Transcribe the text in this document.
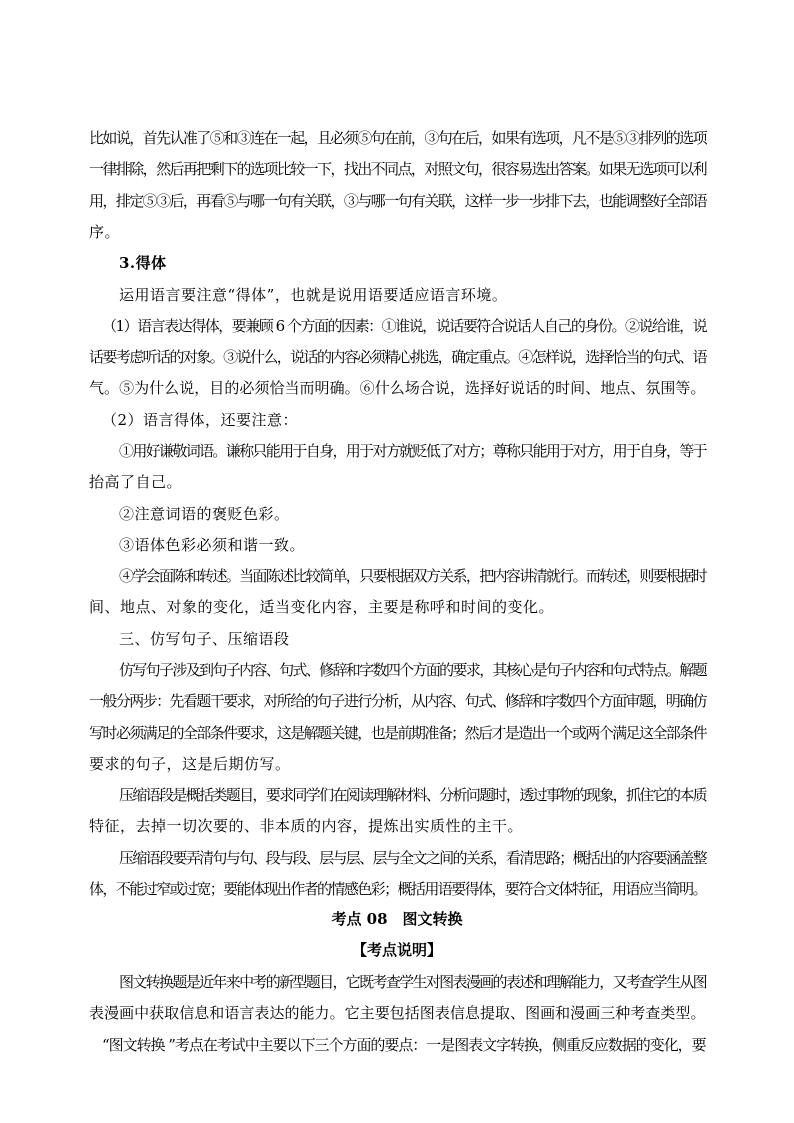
比如说，首先认准了⑤和③连在一起，且必须⑤句在前，③句在后，如果有选项，凡不是⑤③排列的选项
一律排除，然后再把剩下的选项比较一下，找出不同点，对照文句，很容易选出答案。如果无选项可以利
用，排定⑤③后，再看⑤与哪一句有关联，③与哪一句有关联，这样一步一步排下去，也能调整好全部语
序。
3.得体
运用语言要注意“得体”，也就是说用语要适应语言环境。
（1）语言表达得体，要兼顾 6 个方面的因素：①谁说，说话要符合说话人自己的身份。②说给谁，说
话要考虑听话的对象。③说什么，说话的内容必须精心挑选，确定重点。④怎样说，选择恰当的句式、语
气。⑤为什么说，目的必须恰当而明确。⑥什么场合说，选择好说话的时间、地点、氛围等。
（2）语言得体，还要注意：
①用好谦敬词语。谦称只能用于自身，用于对方就贬低了对方；尊称只能用于对方，用于自身，等于
抬高了自己。
②注意词语的褒贬色彩。
③语体色彩必须和谐一致。
④学会面陈和转述。当面陈述比较简单，只要根据双方关系，把内容讲清就行。而转述，则要根据时
间、地点、对象的变化，适当变化内容，主要是称呼和时间的变化。
三、仿写句子、压缩语段
仿写句子涉及到句子内容、句式、修辞和字数四个方面的要求，其核心是句子内容和句式特点。解题
一般分两步：先看题干要求，对所给的句子进行分析，从内容、句式、修辞和字数四个方面审题，明确仿
写时必须满足的全部条件要求，这是解题关键，也是前期准备；然后才是造出一个或两个满足这全部条件
要求的句子，这是后期仿写。
压缩语段是概括类题目，要求同学们在阅读理解材料、分析问题时，透过事物的现象，抓住它的本质
特征，去掉一切次要的、非本质的内容，提炼出实质性的主干。
压缩语段要弄清句与句、段与段、层与层、层与全文之间的关系，看清思路；概括出的内容要涵盖整
体，不能过窄或过宽；要能体现出作者的情感色彩；概括用语要得体，要符合文体特征，用语应当简明。
考点 08　图文转换
【考点说明】
图文转换题是近年来中考的新型题目，它既考查学生对图表漫画的表述和理解能力，又考查学生从图
表漫画中获取信息和语言表达的能力。它主要包括图表信息提取、图画和漫画三种考查类型。
“图文转换 ”考点在考试中主要以下三个方面的要点：一是图表文字转换，侧重反应数据的变化，要
